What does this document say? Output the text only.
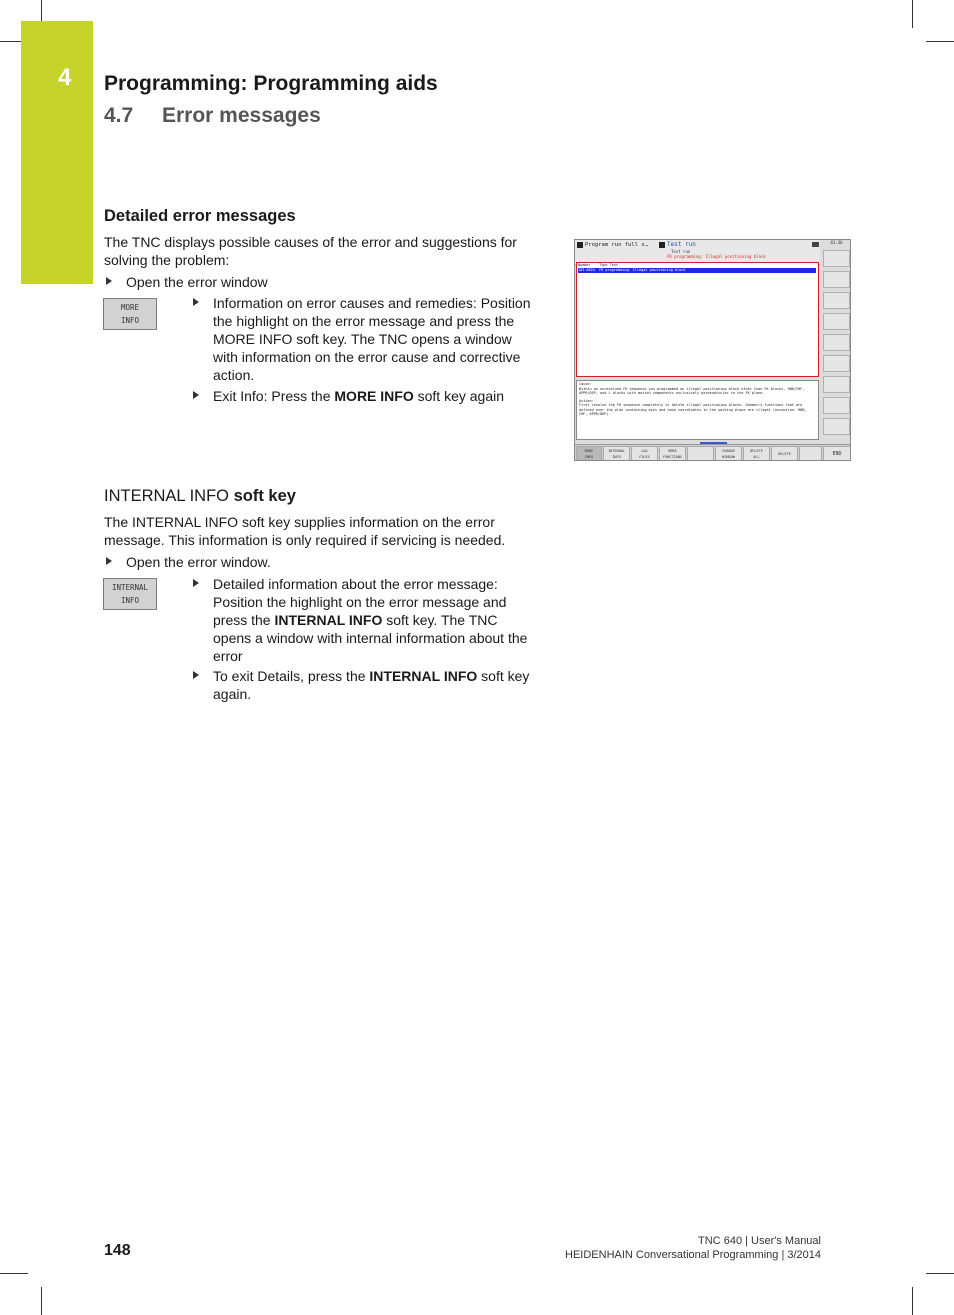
4 Programming: Programming aids
4.7 Error messages
Detailed error messages

The TNC displays possible causes of the error and suggestions for solving the problem:

Open the error window
MORE
INFO
Information on error causes and remedies: Position the highlight on the error message and press the MORE INFO soft key. The TNC opens a window with information on the error cause and corrective action.
Exit Info: Press the MORE INFO soft key again
Program run full s…	Test run
Test run
FK programming: Illegal positioning block
01:36
Number Type Text
103-0024 FK programming: Illegal positioning block
Cause:
Within an unresolved FK sequence you programmed an illegal positioning block other than FK blocks, RND/CHF, APPR/DEP, and L blocks with motion components exclusively perpendicular to the FK plane.
Action:
First resolve the FK sequence completely or delete illegal positioning blocks. Geometry functions that are defined over the plan containing keys and have coordinates in the working plane are illegal (exception: RND, CHF, APPR/DEP).
MORE
INFO
INTERNAL
INFO
LOG
FILES
MORE
FUNCTIONS
CHANGE
WINDOW
DELETE
ALL
DELETE	END
INTERNAL INFO soft key

The INTERNAL INFO soft key supplies information on the error message. This information is only required if servicing is needed.

Open the error window.
INTERNAL
INFO
Detailed information about the error message: Position the highlight on the error message and press the INTERNAL INFO soft key. The TNC opens a window with internal information about the error
To exit Details, press the INTERNAL INFO soft key again.
148
TNC 640 | User's Manual
HEIDENHAIN Conversational Programming | 3/2014
